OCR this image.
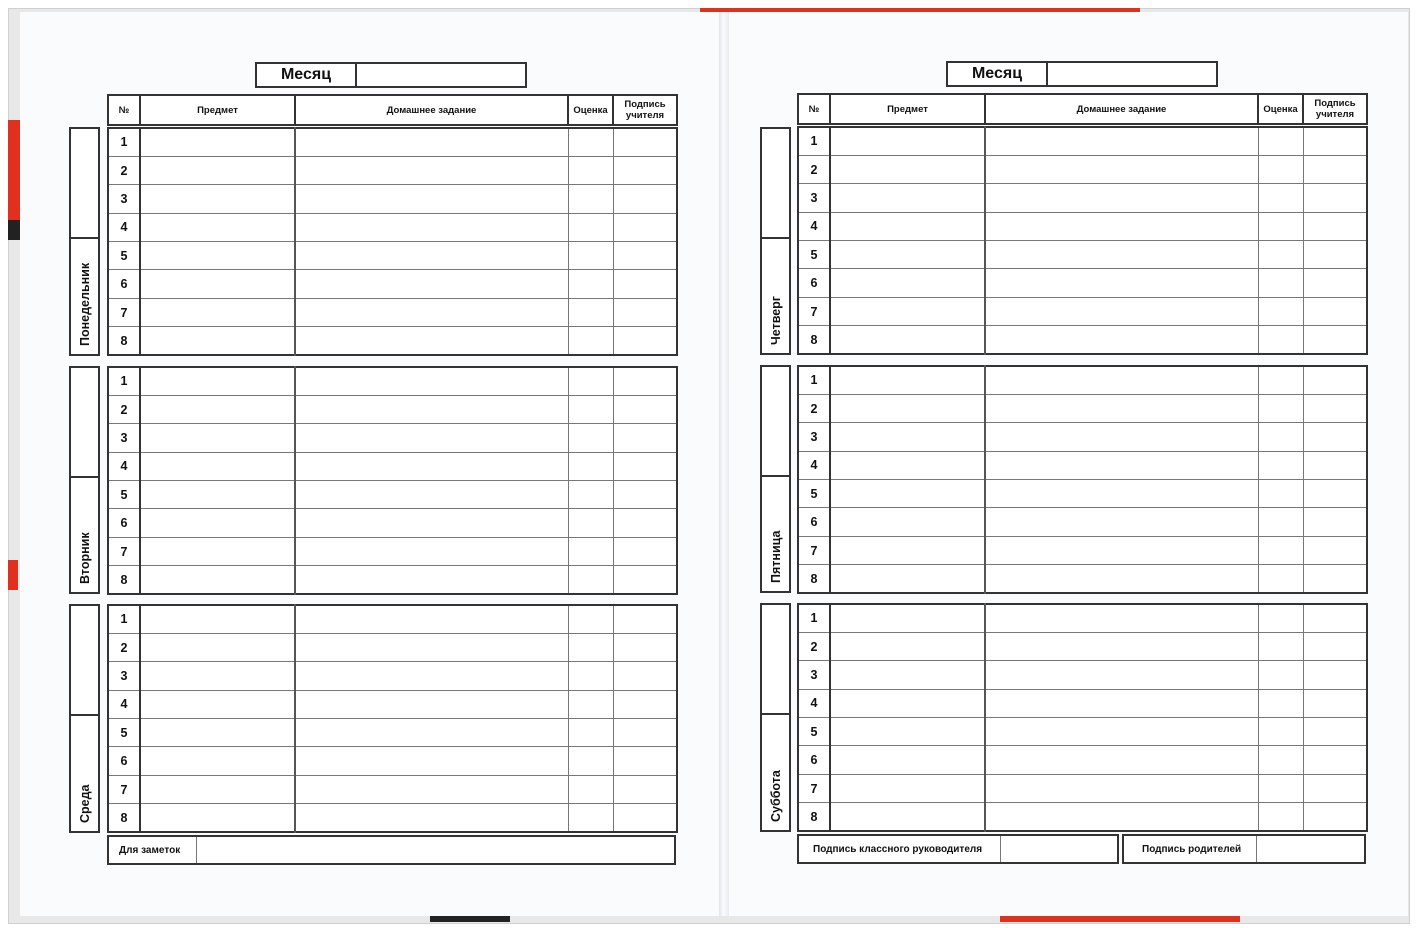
Месяц
№	Предмет	Домашнее задание	Оценка	Подпись
учителя
Понедельник
Вторник
Среда
1				
2				
3				
4				
5				
6				
7				
8				
1				
2				
3				
4				
5				
6				
7				
8				
1				
2				
3				
4				
5				
6				
7				
8				
Для заметок
Месяц
№	Предмет	Домашнее задание	Оценка	Подпись
учителя
Четверг
Пятница
Суббота
1				
2				
3				
4				
5				
6				
7				
8				
1				
2				
3				
4				
5				
6				
7				
8				
1				
2				
3				
4				
5				
6				
7				
8				
Подпись классного руководителя	Подпись родителей
